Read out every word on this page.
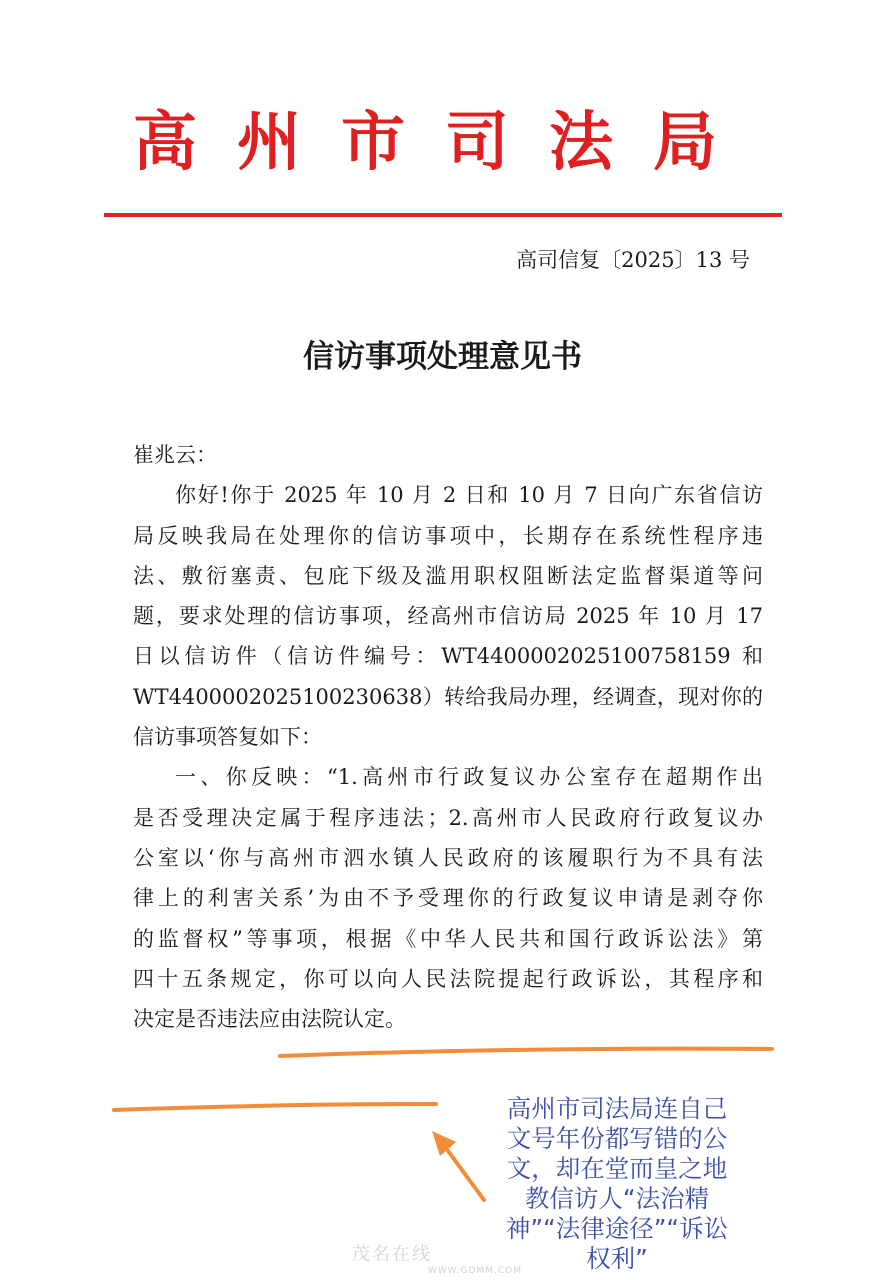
高州市司法局
高司信复〔2025〕13 号
信访事项处理意见书

崔兆云：

你好!你于 2025 年 10 月 2 日和 10 月 7 日向广东省信访

局反映我局在处理你的信访事项中，长期存在系统性程序违

法、敷衍塞责、包庇下级及滥用职权阻断法定监督渠道等问

题，要求处理的信访事项，经高州市信访局 2025 年 10 月 17

日以信访件（信访件编号：WT4400002025100758159 和

WT4400002025100230638）转给我局办理，经调查，现对你的

信访事项答复如下：

一、你反映：“1.高州市行政复议办公室存在超期作出

是否受理决定属于程序违法；2.高州市人民政府行政复议办

公室以‘你与高州市泗水镇人民政府的该履职行为不具有法

律上的利害关系’为由不予受理你的行政复议申请是剥夺你

的监督权”等事项，根据《中华人民共和国行政诉讼法》第

四十五条规定，你可以向人民法院提起行政诉讼，其程序和

决定是否违法应由法院认定。

高州市司法局连自己
文号年份都写错的公
文，却在堂而皇之地
教信访人“法治精
神”“法律途径”“诉讼
权利”
茂名在线
WWW.GDMM.COM
